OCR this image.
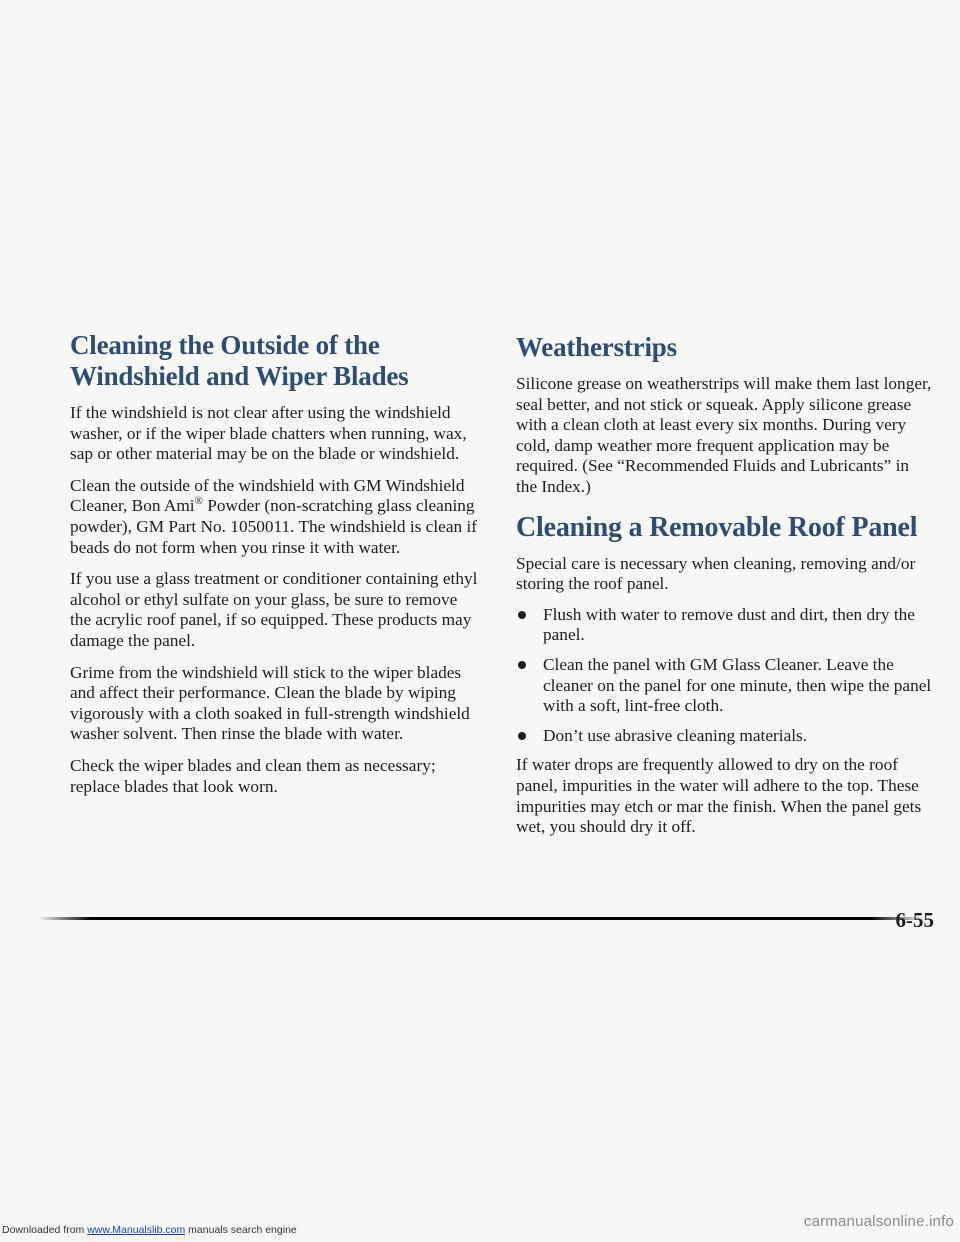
Cleaning the Outside of the Windshield and Wiper Blades

If the windshield is not clear after using the windshield washer, or if the wiper blade chatters when running, wax, sap or other material may be on the blade or windshield.

Clean the outside of the windshield with GM Windshield Cleaner, Bon Ami® Powder (non-scratching glass cleaning powder), GM Part No. 1050011. The windshield is clean if beads do not form when you rinse it with water.

If you use a glass treatment or conditioner containing ethyl alcohol or ethyl sulfate on your glass, be sure to remove the acrylic roof panel, if so equipped. These products may damage the panel.

Grime from the windshield will stick to the wiper blades and affect their performance. Clean the blade by wiping vigorously with a cloth soaked in full-strength windshield washer solvent. Then rinse the blade with water.

Check the wiper blades and clean them as necessary; replace blades that look worn.

Weatherstrips

Silicone grease on weatherstrips will make them last longer, seal better, and not stick or squeak. Apply silicone grease with a clean cloth at least every six months. During very cold, damp weather more frequent application may be required. (See “Recommended Fluids and Lubricants” in the Index.)

Cleaning a Removable Roof Panel

Special care is necessary when cleaning, removing and/or storing the roof panel.

Flush with water to remove dust and dirt, then dry the panel.
Clean the panel with GM Glass Cleaner. Leave the cleaner on the panel for one minute, then wipe the panel with a soft, lint-free cloth.
Don’t use abrasive cleaning materials.

If water drops are frequently allowed to dry on the roof panel, impurities in the water will adhere to the top. These impurities may etch or mar the finish. When the panel gets wet, you should dry it off.

6-55
Downloaded from www.Manualslib.com manuals search engine	carmanualsonline.info
